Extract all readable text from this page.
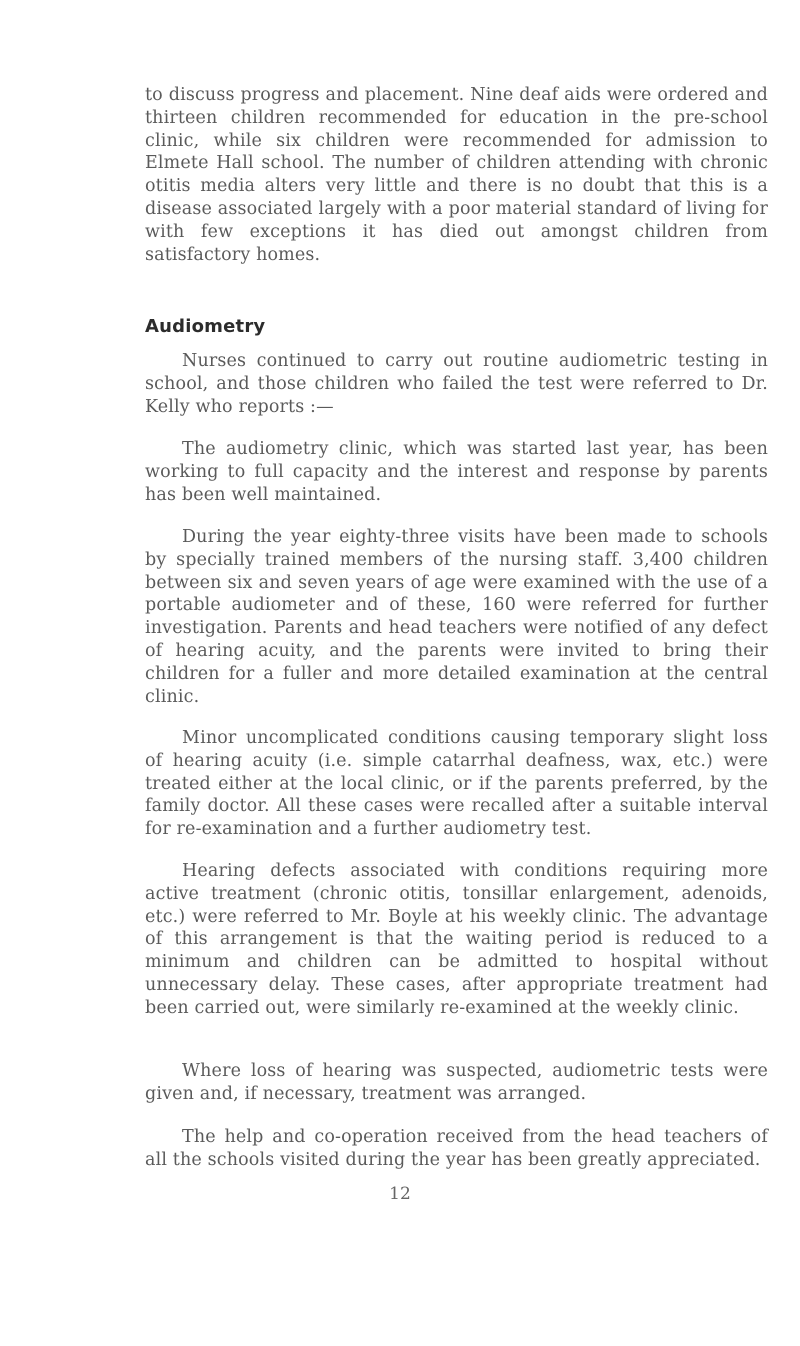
to discuss progress and placement. Nine deaf aids were ordered and thirteen children recommended for education in the pre-school clinic, while six children were recommended for admission to Elmete Hall school. The number of children attending with chronic otitis media alters very little and there is no doubt that this is a disease associated largely with a poor material standard of living for with few exceptions it has died out amongst children from satisfactory homes.

Audiometry

Nurses continued to carry out routine audiometric testing in school, and those children who failed the test were referred to Dr. Kelly who reports :—

The audiometry clinic, which was started last year, has been working to full capacity and the interest and response by parents has been well maintained.

During the year eighty-three visits have been made to schools by specially trained members of the nursing staff. 3,400 children between six and seven years of age were examined with the use of a portable audiometer and of these, 160 were referred for further investigation. Parents and head teachers were notified of any defect of hearing acuity, and the parents were invited to bring their children for a fuller and more detailed examination at the central clinic.

Minor uncomplicated conditions causing temporary slight loss of hearing acuity (i.e. simple catarrhal deafness, wax, etc.) were treated either at the local clinic, or if the parents preferred, by the family doctor. All these cases were recalled after a suitable interval for re-examination and a further audiometry test.

Hearing defects associated with conditions requiring more active treatment (chronic otitis, tonsillar enlargement, adenoids, etc.) were referred to Mr. Boyle at his weekly clinic. The advantage of this arrangement is that the waiting period is reduced to a minimum and children can be admitted to hospital without unnecessary delay. These cases, after appropriate treatment had been carried out, were similarly re-examined at the weekly clinic.

Where loss of hearing was suspected, audiometric tests were given and, if necessary, treatment was arranged.

The help and co-operation received from the head teachers of all the schools visited during the year has been greatly appreciated.

12
